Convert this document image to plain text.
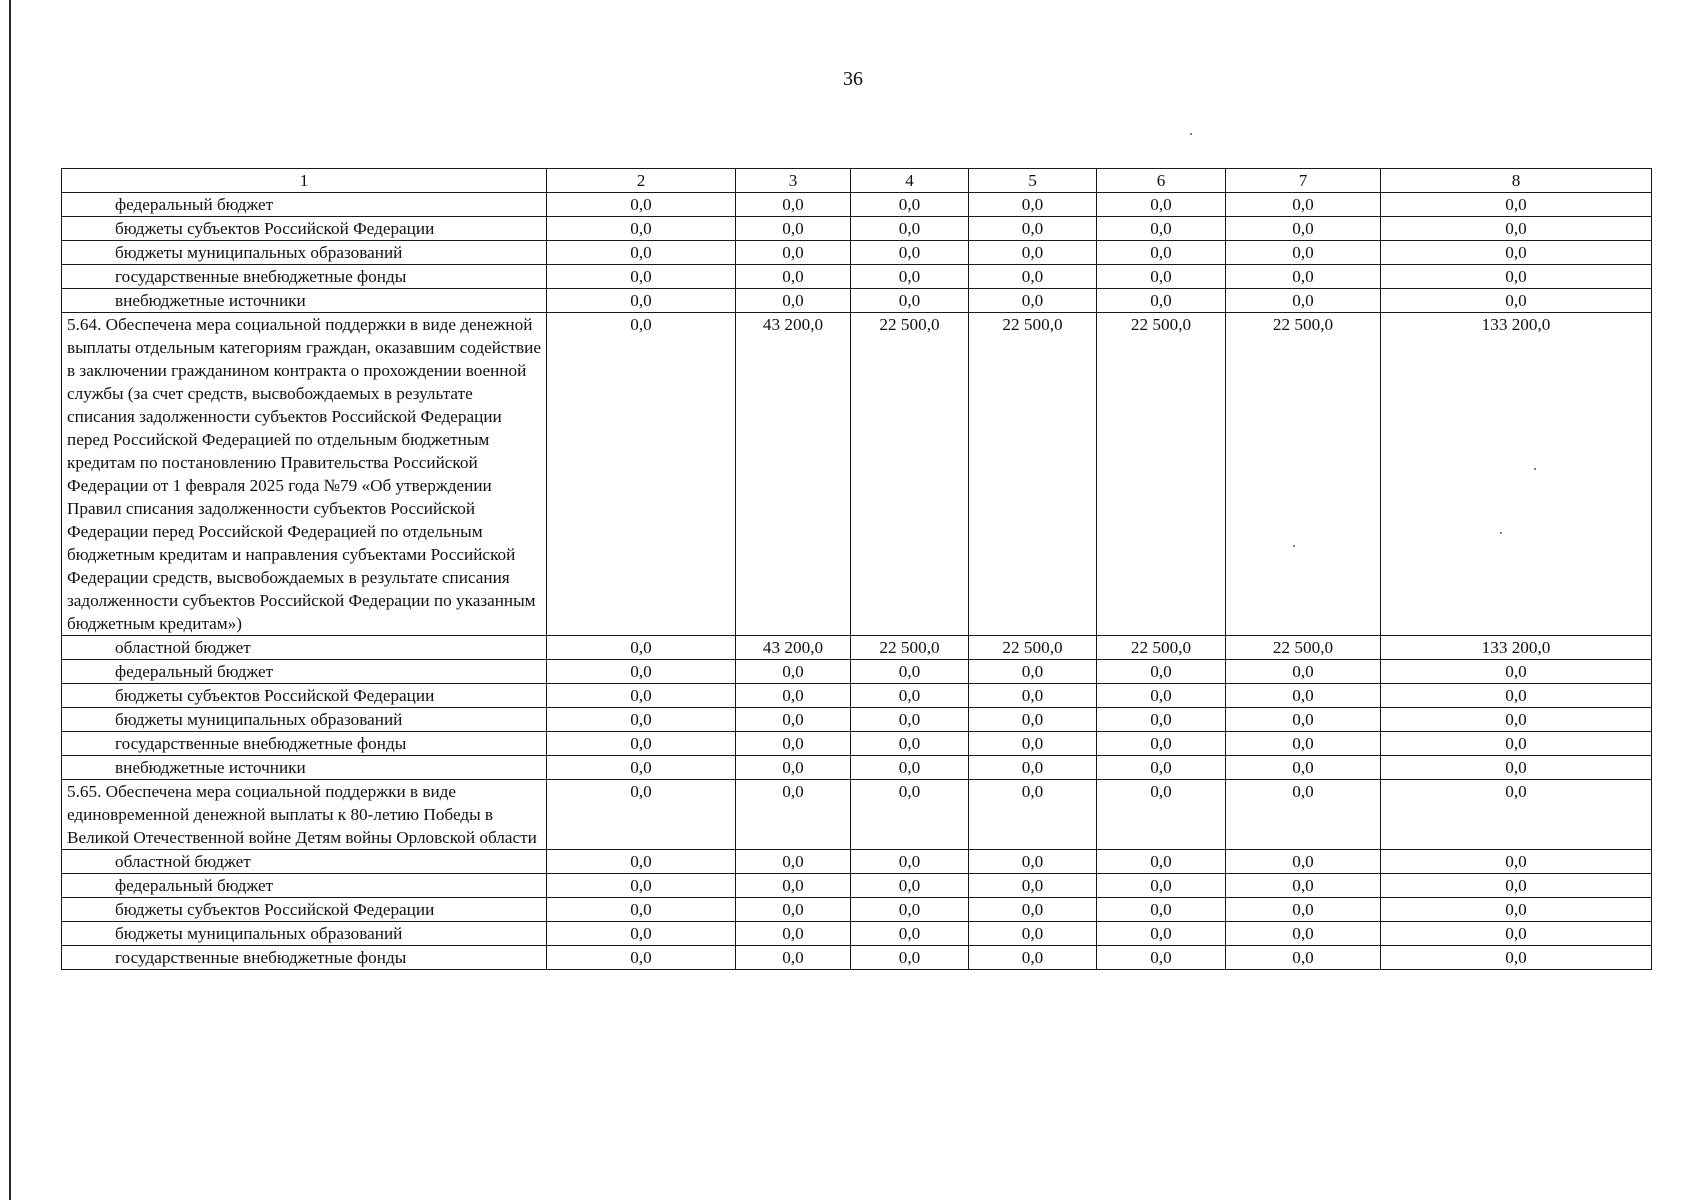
36
1	2	3	4	5	6	7	8
федеральный бюджет	0,0	0,0	0,0	0,0	0,0	0,0	0,0
бюджеты субъектов Российской Федерации	0,0	0,0	0,0	0,0	0,0	0,0	0,0
бюджеты муниципальных образований	0,0	0,0	0,0	0,0	0,0	0,0	0,0
государственные внебюджетные фонды	0,0	0,0	0,0	0,0	0,0	0,0	0,0
внебюджетные источники	0,0	0,0	0,0	0,0	0,0	0,0	0,0
5.64. Обеспечена мера социальной поддержки в виде денежной выплаты отдельным категориям граждан, оказавшим содействие в заключении гражданином контракта о прохождении военной службы (за счет средств, высвобождаемых в результате списания задолженности субъектов Российской Федерации перед Российской Федерацией по отдельным бюджетным кредитам по постановлению Правительства Российской Федерации от 1 февраля 2025 года №79 «Об утверждении Правил списания задолженности субъектов Российской Федерации перед Российской Федерацией по отдельным бюджетным кредитам и направления субъектами Российской Федерации средств, высвобождаемых в результате списания задолженности субъектов Российской Федерации по указанным бюджетным кредитам»)	0,0	43 200,0	22 500,0	22 500,0	22 500,0	22 500,0	133 200,0
областной бюджет	0,0	43 200,0	22 500,0	22 500,0	22 500,0	22 500,0	133 200,0
федеральный бюджет	0,0	0,0	0,0	0,0	0,0	0,0	0,0
бюджеты субъектов Российской Федерации	0,0	0,0	0,0	0,0	0,0	0,0	0,0
бюджеты муниципальных образований	0,0	0,0	0,0	0,0	0,0	0,0	0,0
государственные внебюджетные фонды	0,0	0,0	0,0	0,0	0,0	0,0	0,0
внебюджетные источники	0,0	0,0	0,0	0,0	0,0	0,0	0,0
5.65. Обеспечена мера социальной поддержки в виде единовременной денежной выплаты к 80-летию Победы в Великой Отечественной войне Детям войны Орловской области	0,0	0,0	0,0	0,0	0,0	0,0	0,0
областной бюджет	0,0	0,0	0,0	0,0	0,0	0,0	0,0
федеральный бюджет	0,0	0,0	0,0	0,0	0,0	0,0	0,0
бюджеты субъектов Российской Федерации	0,0	0,0	0,0	0,0	0,0	0,0	0,0
бюджеты муниципальных образований	0,0	0,0	0,0	0,0	0,0	0,0	0,0
государственные внебюджетные фонды	0,0	0,0	0,0	0,0	0,0	0,0	0,0
